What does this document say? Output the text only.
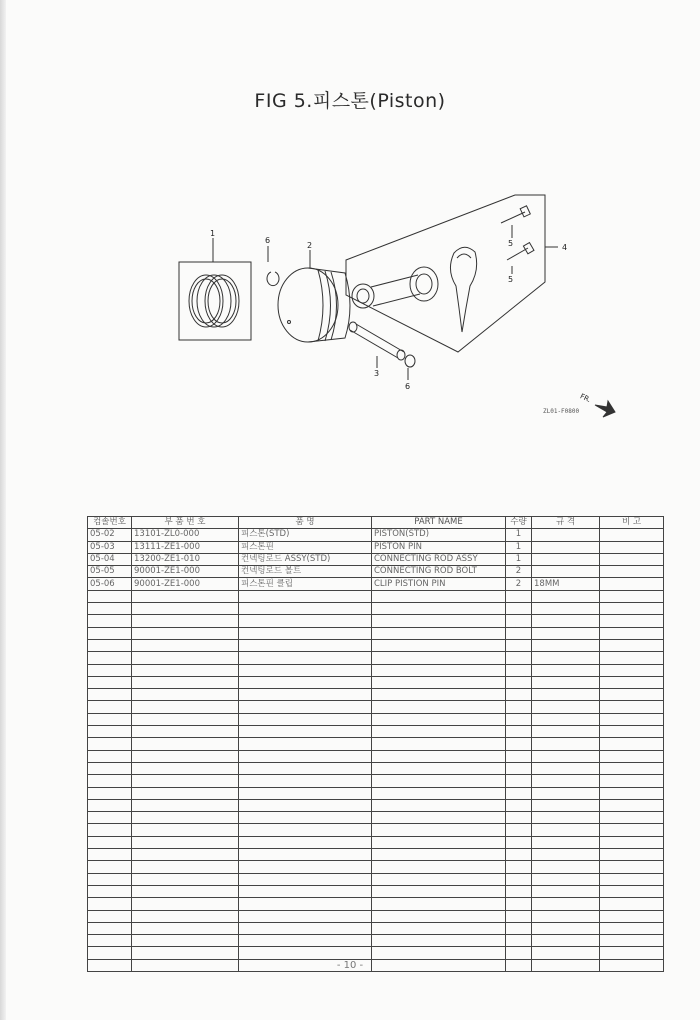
FIG 5.피스톤(Piston)
1
6
2	5
5
4
3
6
FR.
ZL01-F0800
컴솔번호	부 품 번 호	품 명	PART NAME	수량	규 격	비 고
05-02	13101-ZL0-000	피스톤(STD)	PISTON(STD)	1		
05-03	13111-ZE1-000	피스톤핀	PISTON PIN	1		
05-04	13200-ZE1-010	컨넥팅로드 ASSY(STD)	CONNECTING ROD ASSY	1		
05-05	90001-ZE1-000	컨넥팅로드 볼트	CONNECTING ROD BOLT	2		
05-06	90001-ZE1-000	피스톤핀 클립	CLIP PISTION PIN	2	18MM	

- 10 -
